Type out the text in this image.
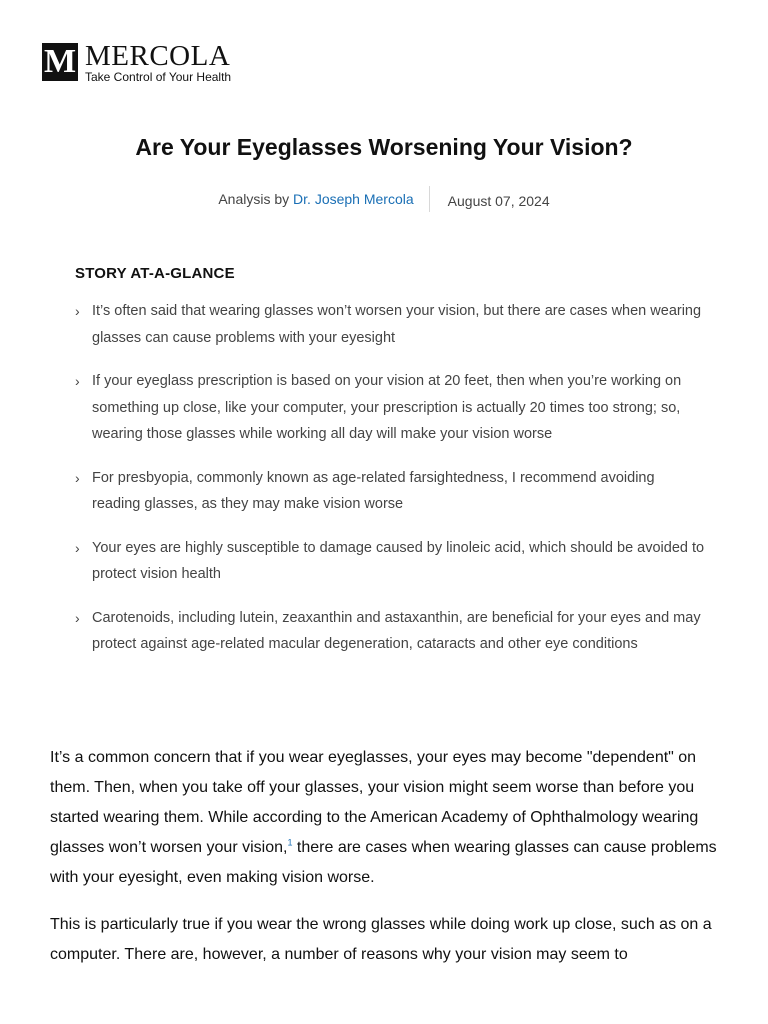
M MERCOLA
Take Control of Your Health
Are Your Eyeglasses Worsening Your Vision?
Analysis by Dr. Joseph Mercola	August 07, 2024
STORY AT-A-GLANCE
› It’s often said that wearing glasses won’t worsen your vision, but there are cases when wearing glasses can cause problems with your eyesight
› If your eyeglass prescription is based on your vision at 20 feet, then when you’re working on something up close, like your computer, your prescription is actually 20 times too strong; so, wearing those glasses while working all day will make your vision worse
› For presbyopia, commonly known as age-related farsightedness, I recommend avoiding reading glasses, as they may make vision worse
› Your eyes are highly susceptible to damage caused by linoleic acid, which should be avoided to protect vision health
› Carotenoids, including lutein, zeaxanthin and astaxanthin, are beneficial for your eyes and may protect against age-related macular degeneration, cataracts and other eye conditions

It’s a common concern that if you wear eyeglasses, your eyes may become "dependent" on them. Then, when you take off your glasses, your vision might seem worse than before you started wearing them. While according to the American Academy of Ophthalmology wearing glasses won’t worsen your vision,$^1$ there are cases when wearing glasses can cause problems with your eyesight, even making vision worse.

This is particularly true if you wear the wrong glasses while doing work up close, such as on a computer. There are, however, a number of reasons why your vision may seem to
